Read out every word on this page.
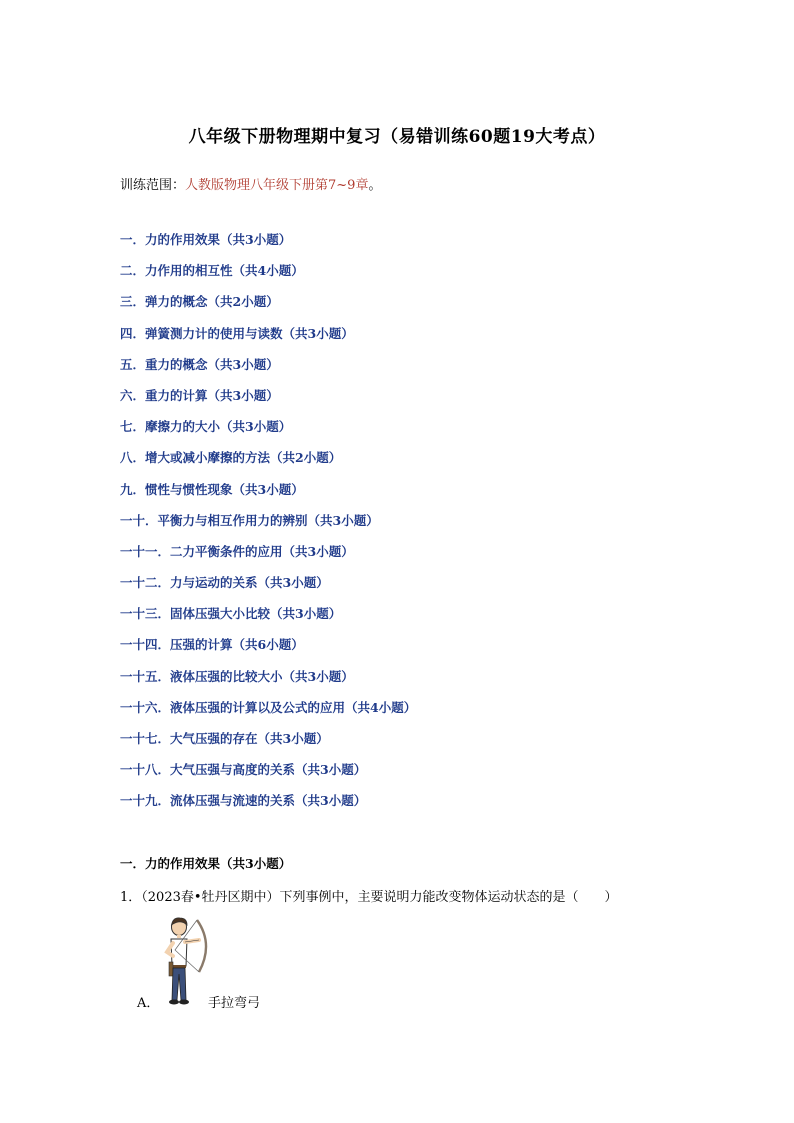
八年级下册物理期中复习（易错训练60题19大考点）
训练范围：人教版物理八年级下册第7~9章。
一．力的作用效果（共3小题）
二．力作用的相互性（共4小题）
三．弹力的概念（共2小题）
四．弹簧测力计的使用与读数（共3小题）
五．重力的概念（共3小题）
六．重力的计算（共3小题）
七．摩擦力的大小（共3小题）
八．增大或减小摩擦的方法（共2小题）
九．惯性与惯性现象（共3小题）
一十．平衡力与相互作用力的辨别（共3小题）
一十一．二力平衡条件的应用（共3小题）
一十二．力与运动的关系（共3小题）
一十三．固体压强大小比较（共3小题）
一十四．压强的计算（共6小题）
一十五．液体压强的比较大小（共3小题）
一十六．液体压强的计算以及公式的应用（共4小题）
一十七．大气压强的存在（共3小题）
一十八．大气压强与高度的关系（共3小题）
一十九．流体压强与流速的关系（共3小题）
一．力的作用效果（共3小题）
1．（2023春•牡丹区期中）下列事例中，主要说明力能改变物体运动状态的是（　　）
A．	手拉弯弓
